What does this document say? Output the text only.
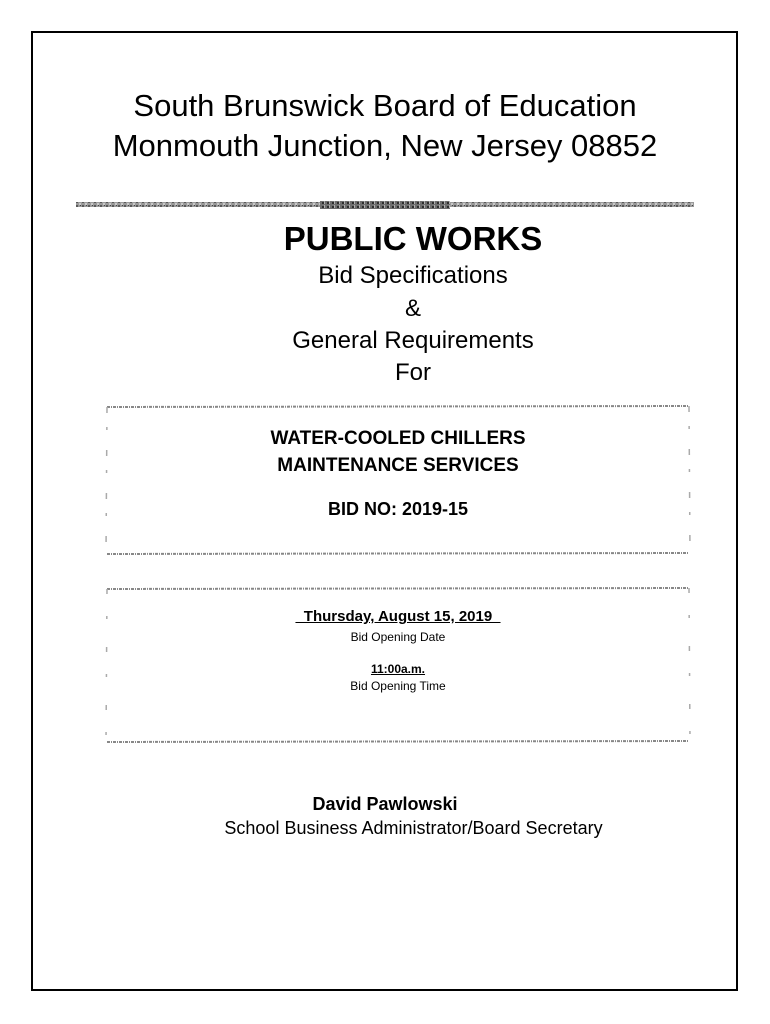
South Brunswick Board of Education
Monmouth Junction, New Jersey 08852
PUBLIC WORKS
Bid Specifications
&
General Requirements
For
WATER-COOLED CHILLERS
MAINTENANCE SERVICES
BID NO: 2019-15
Thursday, August 15, 2019
Bid Opening Date
11:00a.m.
Bid Opening Time
David Pawlowski
School Business Administrator/Board Secretary
